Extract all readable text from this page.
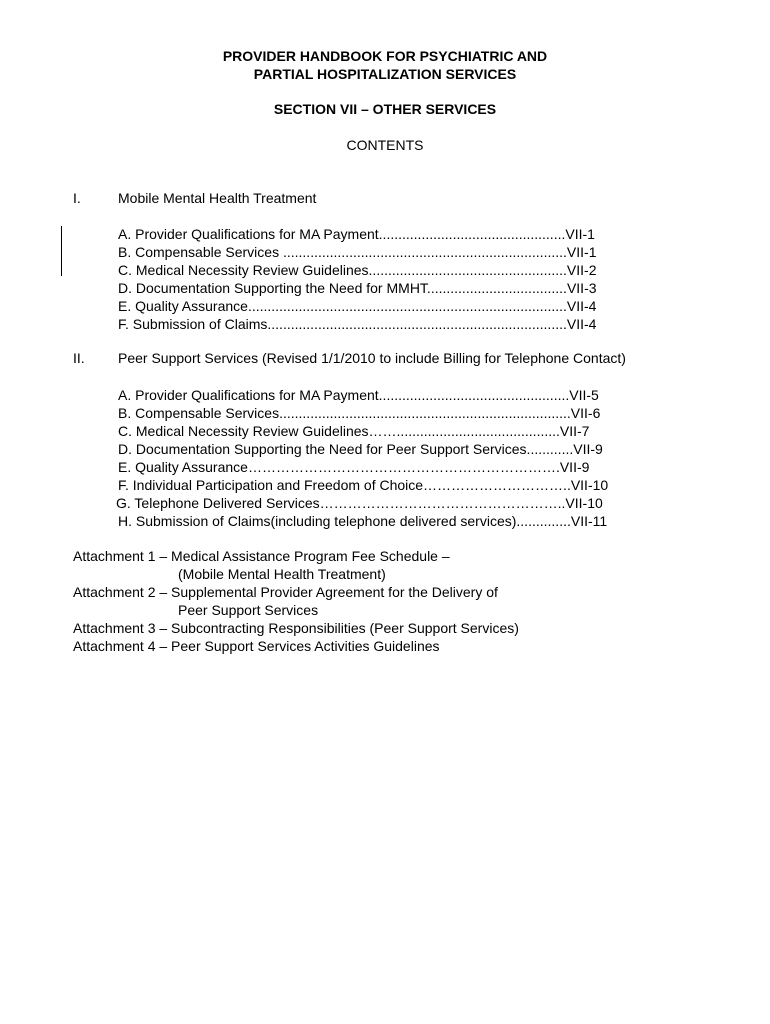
PROVIDER HANDBOOK FOR PSYCHIATRIC AND
PARTIAL HOSPITALIZATION SERVICES
SECTION VII – OTHER SERVICES
CONTENTS
I.	Mobile Mental Health Treatment
A. Provider Qualifications for MA Payment................................................VII-1
B. Compensable Services .........................................................................VII-1
C. Medical Necessity Review Guidelines...................................................VII-2
D. Documentation Supporting the Need for MMHT....................................VII-3
E. Quality Assurance..................................................................................VII-4
F. Submission of Claims.............................................................................VII-4
II. Peer Support Services (Revised 1/1/2010 to include Billing for Telephone Contact)
A. Provider Qualifications for MA Payment.................................................VII-5
B. Compensable Services...........................................................................VII-6
C. Medical Necessity Review Guidelines……..........................................VII-7
D. Documentation Supporting the Need for Peer Support Services............VII-9
E. Quality Assurance………………………………………………………….VII-9
F. Individual Participation and Freedom of Choice…………………………..VII-10
G. Telephone Delivered Services……………………………………………..VII-10
H. Submission of Claims(including telephone delivered services)..............VII-11
Attachment 1 – Medical Assistance Program Fee Schedule –
(Mobile Mental Health Treatment)
Attachment 2 – Supplemental Provider Agreement for the Delivery of
Peer Support Services
Attachment 3 – Subcontracting Responsibilities (Peer Support Services)
Attachment 4 – Peer Support Services Activities Guidelines
